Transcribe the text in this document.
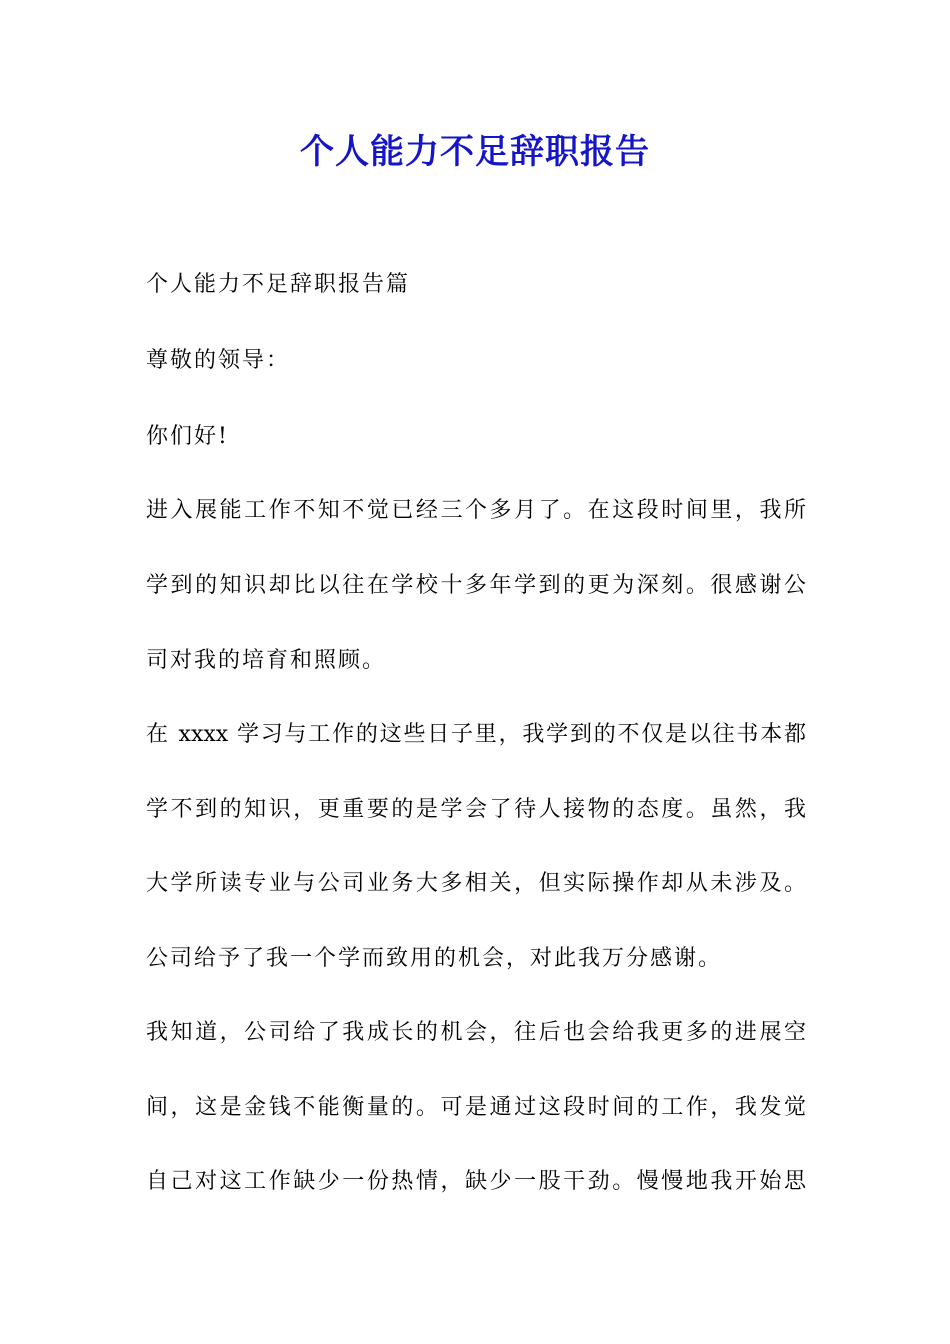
个人能力不足辞职报告
个人能力不足辞职报告篇
尊敬的领导：
你们好!
进入展能工作不知不觉已经三个多月了。在这段时间里，我所
学到的知识却比以往在学校十多年学到的更为深刻。很感谢公
司对我的培育和照顾。
在 xxxx 学习与工作的这些日子里，我学到的不仅是以往书本都
学不到的知识，更重要的是学会了待人接物的态度。虽然，我
大学所读专业与公司业务大多相关，但实际操作却从未涉及。
公司给予了我一个学而致用的机会，对此我万分感谢。
我知道，公司给了我成长的机会，往后也会给我更多的进展空
间，这是金钱不能衡量的。可是通过这段时间的工作，我发觉
自己对这工作缺少一份热情，缺少一股干劲。慢慢地我开始思
